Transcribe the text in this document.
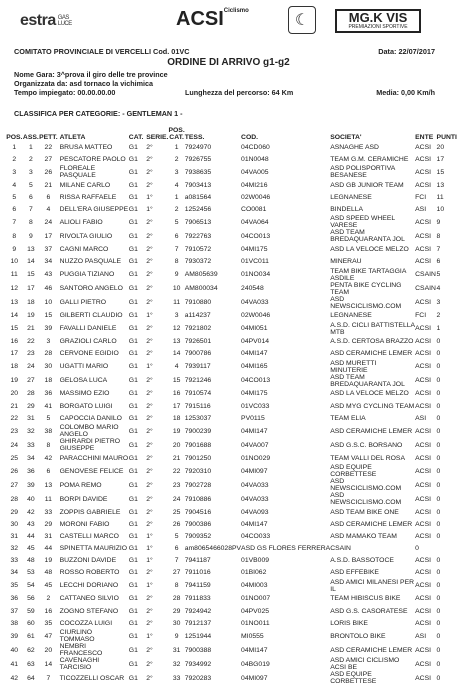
estra GAS
LUCE	$ACSI^{Ciclismo}$
☾	MG.K VIS
PREMIAZIONI SPORTIVE
COMITATO PROVINCIALE DI VERCELLI Cod. 01VC	Data: 22/07/2017
ORDINE DI ARRIVO g1-g2
Nome Gara: 3^prova il giro delle tre province
Organizzata da: asd tornaco la vichimica
Tempo impiegato: 00.00.00.00	Lunghezza del percorso: 64 Km	Media: 0,00 Km/h
CLASSIFICA PER CATEGORIE: - GENTLEMAN 1 -
POS.	ASS.	PETT.	ATLETA	CAT.	SERIE.	POS. CAT.	TESS.	COD.	SOCIETA'	ENTE	PUNTI
1	1	22	BRUSA MATTEO	G1	2°	1	7924970	04CD060	ASNAGHE ASD	ACSI	20
2	2	27	PESCATORE PAOLO	G1	2°	2	7926755	01N0048	TEAM G.M. CERAMICHE	ACSI	17
3	3	26	FLOREALE PASQUALE	G1	2°	3	7938635	04VA005	ASD POLISPORTIVA BESANESE	ACSI	15
4	5	21	MILANE CARLO	G1	2°	4	7903413	04MI216	ASD GB JUNIOR TEAM	ACSI	13
5	6	6	RISSA RAFFAELE	G1	1°	1	a081564	02W0046	LEGNANESE	FCI	11
6	7	4	DELL'ERA GIUSEPPE	G1	1°	2	1252456	CO0081	BINDELLA	ASI	10
7	8	24	ALIOLI FABIO	G1	2°	5	7906513	04VA064	ASD SPEED WHEEL VARESE	ACSI	9
8	9	17	RIVOLTA GIULIO	G1	2°	6	7922763	04CO013	ASD TEAM BREDAQUARANTA JOL	ACSI	8
9	13	37	CAGNI MARCO	G1	2°	7	7910572	04MI175	ASD LA VELOCE MELZO	ACSI	7
10	14	34	NUZZO PASQUALE	G1	2°	8	7930372	01VC011	MINERAU	ACSI	6
11	15	43	PUGGIA TIZIANO	G1	2°	9	AM805639	01NO034	TEAM BIKE TARTAGGIA ASDILE	CSAIN	5
12	17	46	SANTORO ANGELO	G1	2°	10	AM800034	240548	PENTA BIKE CYCLING TEAM	CSAIN	4
13	18	10	GALLI PIETRO	G1	2°	11	7910880	04VA033	ASD NEWSCICLISMO.COM	ACSI	3
14	19	15	GILBERTI CLAUDIO	G1	1°	3	a114237	02W0046	LEGNANESE	FCI	2
15	21	39	FAVALLI DANIELE	G1	2°	12	7921802	04MI051	A.S.D. CICLI BATTISTELLA MTB	ACSI	1
16	22	3	GRAZIOLI CARLO	G1	2°	13	7926501	04PV014	A.S.D. CERTOSA BRAZZO	ACSI	0
17	23	28	CERVONE EGIDIO	G1	2°	14	7900786	04MI147	ASD CERAMICHE LEMER	ACSI	0
18	24	30	UGATTI MARIO	G1	1°	4	7939117	04MI165	ASD MURETTI MINUTERIE	ACSI	0
19	27	18	GELOSA LUCA	G1	2°	15	7921246	04CO013	ASD TEAM BREDAQUARANTA JOL	ACSI	0
20	28	36	MASSIMO EZIO	G1	2°	16	7910574	04MI175	ASD LA VELOCE MELZO	ACSI	0
21	29	41	BORGATO LUIGI	G1	2°	17	7915116	01VC033	ASD MYG CYCLING TEAM	ACSI	0
22	31	5	CAPOCCIA DANILO	G1	2°	18	1253037	PV0115	TEAM ELIA	ASI	0
23	32	38	COLOMBO MARIO ANGELO	G1	2°	19	7900239	04MI147	ASD CERAMICHE LEMER	ACSI	0
24	33	8	GHIRARDI PIETRO GIUSEPPE	G1	2°	20	7901688	04VA007	ASD G.S.C. BORSANO	ACSI	0
25	34	42	PARACCHINI MAURO	G1	2°	21	7901250	01NO029	TEAM VALLI DEL ROSA	ACSI	0
26	36	6	GENOVESE FELICE	G1	2°	22	7920310	04MI097	ASD EQUIPE CORBETTESE	ACSI	0
27	39	13	POMA REMO	G1	2°	23	7902728	04VA033	ASD NEWSCICLISMO.COM	ACSI	0
28	40	11	BORPI DAVIDE	G1	2°	24	7910886	04VA033	ASD NEWSCICLISMO.COM	ACSI	0
29	42	33	ZOPPIS GABRIELE	G1	2°	25	7904516	04VA093	ASD TEAM BIKE ONE	ACSI	0
30	43	29	MORONI FABIO	G1	2°	26	7900386	04MI147	ASD CERAMICHE LEMER	ACSI	0
31	44	31	CASTELLI MARCO	G1	1°	5	7909352	04CO033	ASD MAMAKO TEAM	ACSI	0
32	45	44	SPINETTA MAURIZIO	G1	1°	6	am8065466028PV	ASD GS FLORES FERRERA	CSAIN	0	
33	48	19	BUZZONI DAVIDE	G1	1°	7	7941187	01VB009	A.S.D. BASSOTOCE	ACSI	0
34	53	48	ROSSO ROBERTO	G1	2°	27	7911016	01BI062	ASD EFFEBIKE	ACSI	0
35	54	45	LECCHI DORIANO	G1	1°	8	7941159	04MI003	ASD AMICI MILANESI PER IL	ACSI	0
36	56	2	CATTANEO SILVIO	G1	2°	28	7911833	01NO007	TEAM HIBISCUS BIKE	ACSI	0
37	59	16	ZOGNO STEFANO	G1	2°	29	7924942	04PV025	ASD G.S. CASORATESE	ACSI	0
38	60	35	COCOZZA LUIGI	G1	2°	30	7912137	01NO011	LORIS BIKE	ACSI	0
39	61	47	CIURLINO TOMMASO	G1	1°	9	1251944	MI0555	BRONTOLO BIKE	ASI	0
40	62	20	NEMBRI FRANCESCO	G1	2°	31	7900388	04MI147	ASD CERAMICHE LEMER	ACSI	0
41	63	14	CAVENAGHI TARCISIO	G1	2°	32	7934992	04BG019	ASD AMICI CICLISMO ACSI BE	ACSI	0
42	64	7	TICOZZELLI OSCAR	G1	2°	33	7920283	04MI097	ASD EQUIPE CORBETTESE	ACSI	0
